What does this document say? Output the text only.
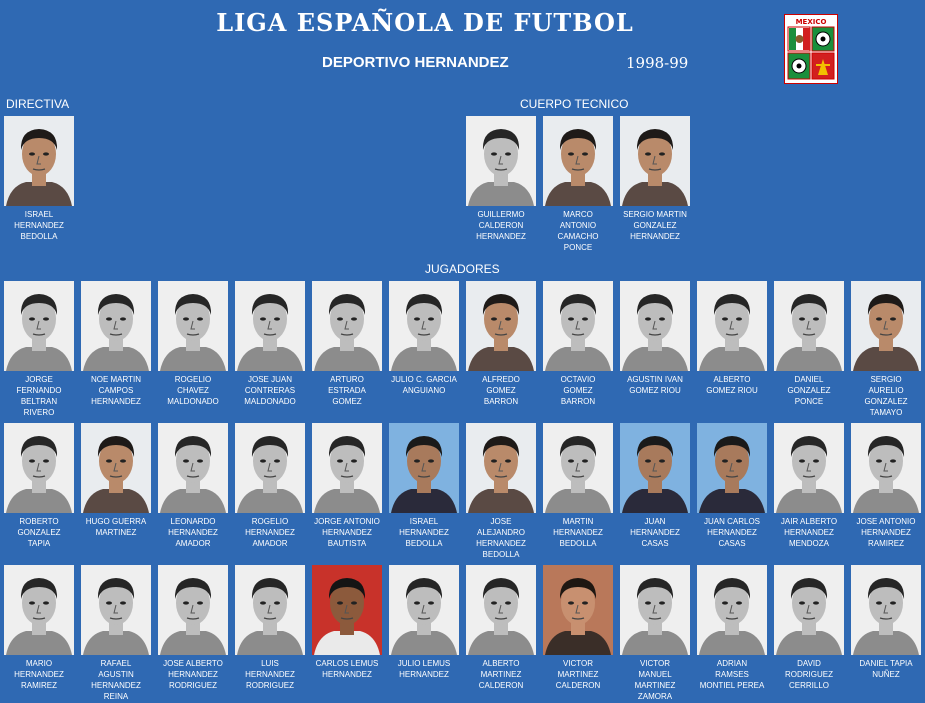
LIGA ESPAÑOLA DE FUTBOL
DEPORTIVO HERNANDEZ	1998-99
MEXICO
DIRECTIVA	CUERPO TECNICO
JUGADORES
ISRAEL
HERNANDEZ
BEDOLLA
GUILLERMO
CALDERON
HERNANDEZ
MARCO
ANTONIO
CAMACHO
PONCE
SERGIO MARTIN
GONZALEZ
HERNANDEZ
JORGE
FERNANDO
BELTRAN
RIVERO
NOE MARTIN
CAMPOS
HERNANDEZ
ROGELIO
CHAVEZ
MALDONADO
JOSE JUAN
CONTRERAS
MALDONADO
ARTURO
ESTRADA
GOMEZ
JULIO C. GARCIA
ANGUIANO
ALFREDO
GOMEZ
BARRON
OCTAVIO
GOMEZ
BARRON
AGUSTIN IVAN
GOMEZ RIOU
ALBERTO
GOMEZ RIOU
DANIEL
GONZALEZ
PONCE
SERGIO
AURELIO
GONZALEZ
TAMAYO
ROBERTO
GONZALEZ
TAPIA
HUGO GUERRA
MARTINEZ
LEONARDO
HERNANDEZ
AMADOR
ROGELIO
HERNANDEZ
AMADOR
JORGE ANTONIO
HERNANDEZ
BAUTISTA
ISRAEL
HERNANDEZ
BEDOLLA
JOSE
ALEJANDRO
HERNANDEZ
BEDOLLA
MARTIN
HERNANDEZ
BEDOLLA
JUAN
HERNANDEZ
CASAS
JUAN CARLOS
HERNANDEZ
CASAS
JAIR ALBERTO
HERNANDEZ
MENDOZA
JOSE ANTONIO
HERNANDEZ
RAMIREZ
MARIO
HERNANDEZ
RAMIREZ
RAFAEL
AGUSTIN
HERNANDEZ
REINA
JOSE ALBERTO
HERNANDEZ
RODRIGUEZ
LUIS
HERNANDEZ
RODRIGUEZ
CARLOS LEMUS
HERNANDEZ
JULIO LEMUS
HERNANDEZ
ALBERTO
MARTINEZ
CALDERON
VICTOR
MARTINEZ
CALDERON
VICTOR
MANUEL
MARTINEZ
ZAMORA
ADRIAN
RAMSES
MONTIEL PEREA
DAVID
RODRIGUEZ
CERRILLO
DANIEL TAPIA
NUÑEZ
